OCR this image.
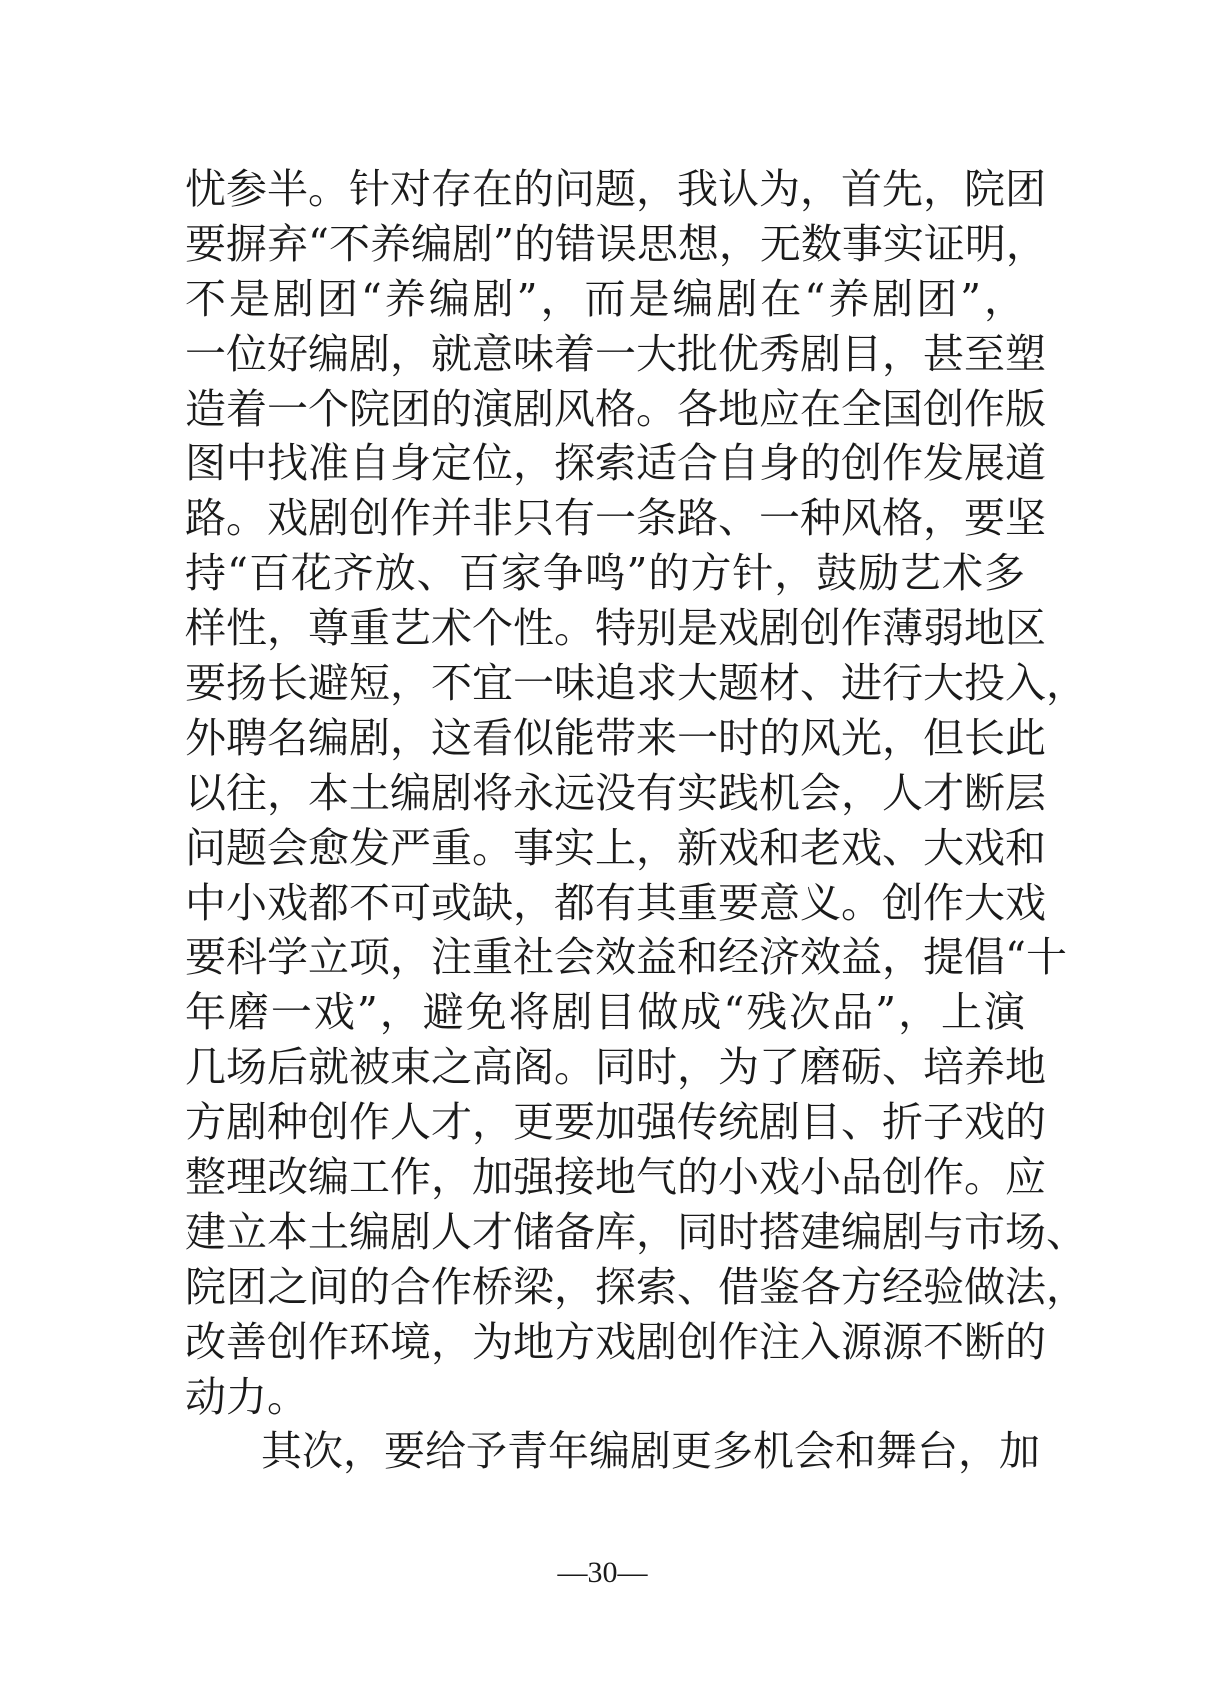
忧参半。针对存在的问题，我认为，首先，院团
要摒弃“不养编剧”的错误思想，无数事实证明，
不是剧团“养编剧”，而是编剧在“养剧团”，
一位好编剧，就意味着一大批优秀剧目，甚至塑
造着一个院团的演剧风格。各地应在全国创作版
图中找准自身定位，探索适合自身的创作发展道
路。戏剧创作并非只有一条路、一种风格，要坚
持“百花齐放、百家争鸣”的方针，鼓励艺术多
样性，尊重艺术个性。特别是戏剧创作薄弱地区
要扬长避短，不宜一味追求大题材、进行大投入，
外聘名编剧，这看似能带来一时的风光，但长此
以往，本土编剧将永远没有实践机会，人才断层
问题会愈发严重。事实上，新戏和老戏、大戏和
中小戏都不可或缺，都有其重要意义。创作大戏
要科学立项，注重社会效益和经济效益，提倡“十
年磨一戏”，避免将剧目做成“残次品”，上演
几场后就被束之高阁。同时，为了磨砺、培养地
方剧种创作人才，更要加强传统剧目、折子戏的
整理改编工作，加强接地气的小戏小品创作。应
建立本土编剧人才储备库，同时搭建编剧与市场、
院团之间的合作桥梁，探索、借鉴各方经验做法，
改善创作环境，为地方戏剧创作注入源源不断的
动力。
其次，要给予青年编剧更多机会和舞台，加
—30—
